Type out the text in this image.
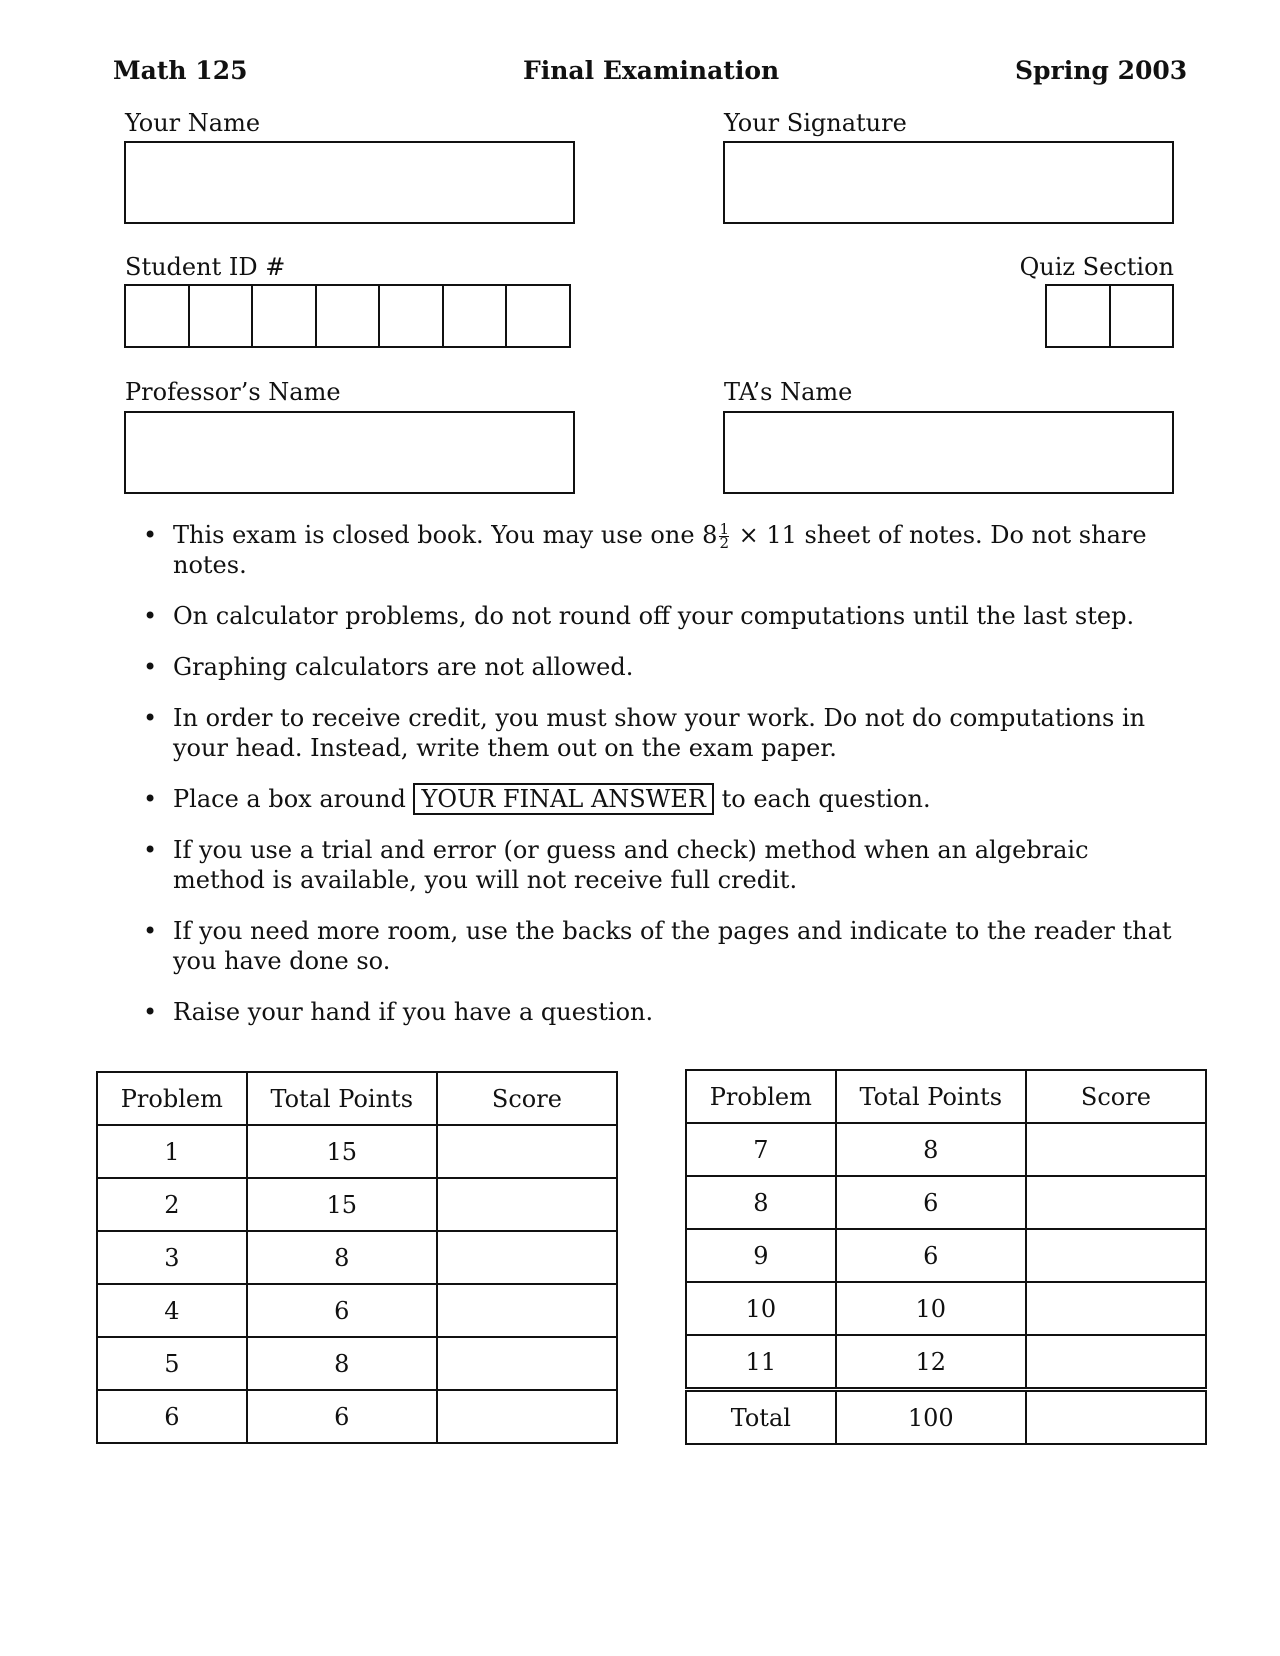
Math 125	Final Examination	Spring 2003
Your Name	Your Signature
Student ID #	Quiz Section
Professor’s Name	TA’s Name
• This exam is closed book. You may use one $8 \frac{1}{2} \times 11$ sheet of notes. Do not share notes.
• On calculator problems, do not round off your computations until the last step.
• Graphing calculators are not allowed.
• In order to receive credit, you must show your work. Do not do computations in your head. Instead, write them out on the exam paper.
• Place a box around YOUR FINAL ANSWER to each question.
• If you use a trial and error (or guess and check) method when an algebraic method is available, you will not receive full credit.
• If you need more room, use the backs of the pages and indicate to the reader that you have done so.
• Raise your hand if you have a question.
Problem	Total Points	Score
1	15	
2	15	
3	8	
4	6	
5	8	
6	6	
Problem	Total Points	Score
7	8	
8	6	
9	6	
10	10	
11	12	
Total	100	
